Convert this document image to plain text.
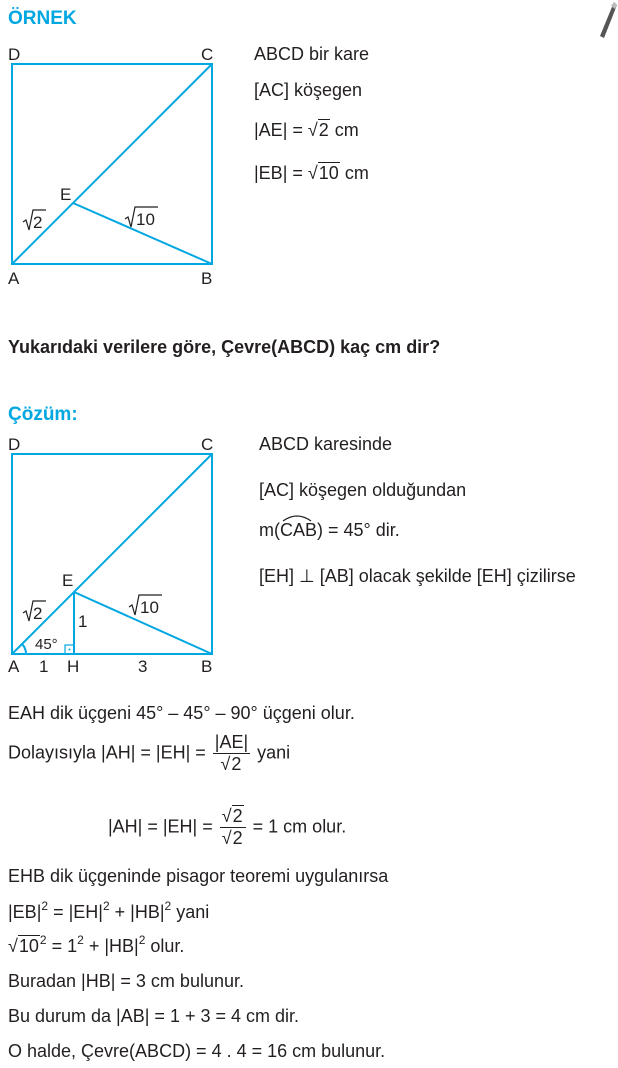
ÖRNEK
D	C
A	B
E
2	10
ABCD bir kare
[AC] köşegen
|AE| = √2 cm
|EB| = √10 cm
Yukarıdaki verilere göre, Çevre(ABCD) kaç cm dir?
Çözüm:
D	C
E
A 1 H	3	B
1
45°
2	10
ABCD karesinde
[AC] köşegen olduğundan
m(
CAB) = 45° dir.
[EH] ⊥ [AB] olacak şekilde [EH] çizilirse
EAH dik üçgeni 45° – 45° – 90° üçgeni olur.
Dolayısıyla $|AH| = |EH| = \frac{|AE|}{√2}$ yani
$|AH| = |EH| = \frac{√2}{√2} = 1$ cm olur.
EHB dik üçgeninde pisagor teoremi uygulanırsa
$|EB|^2 = |EH|^2 + |HB|^2$ yani
$√10^2 = 1^2 + |HB|^2$ olur.
Buradan |HB| = 3 cm bulunur.
Bu durum da |AB| = 1 + 3 = 4 cm dir.
O halde, Çevre(ABCD) = 4 . 4 = 16 cm bulunur.
